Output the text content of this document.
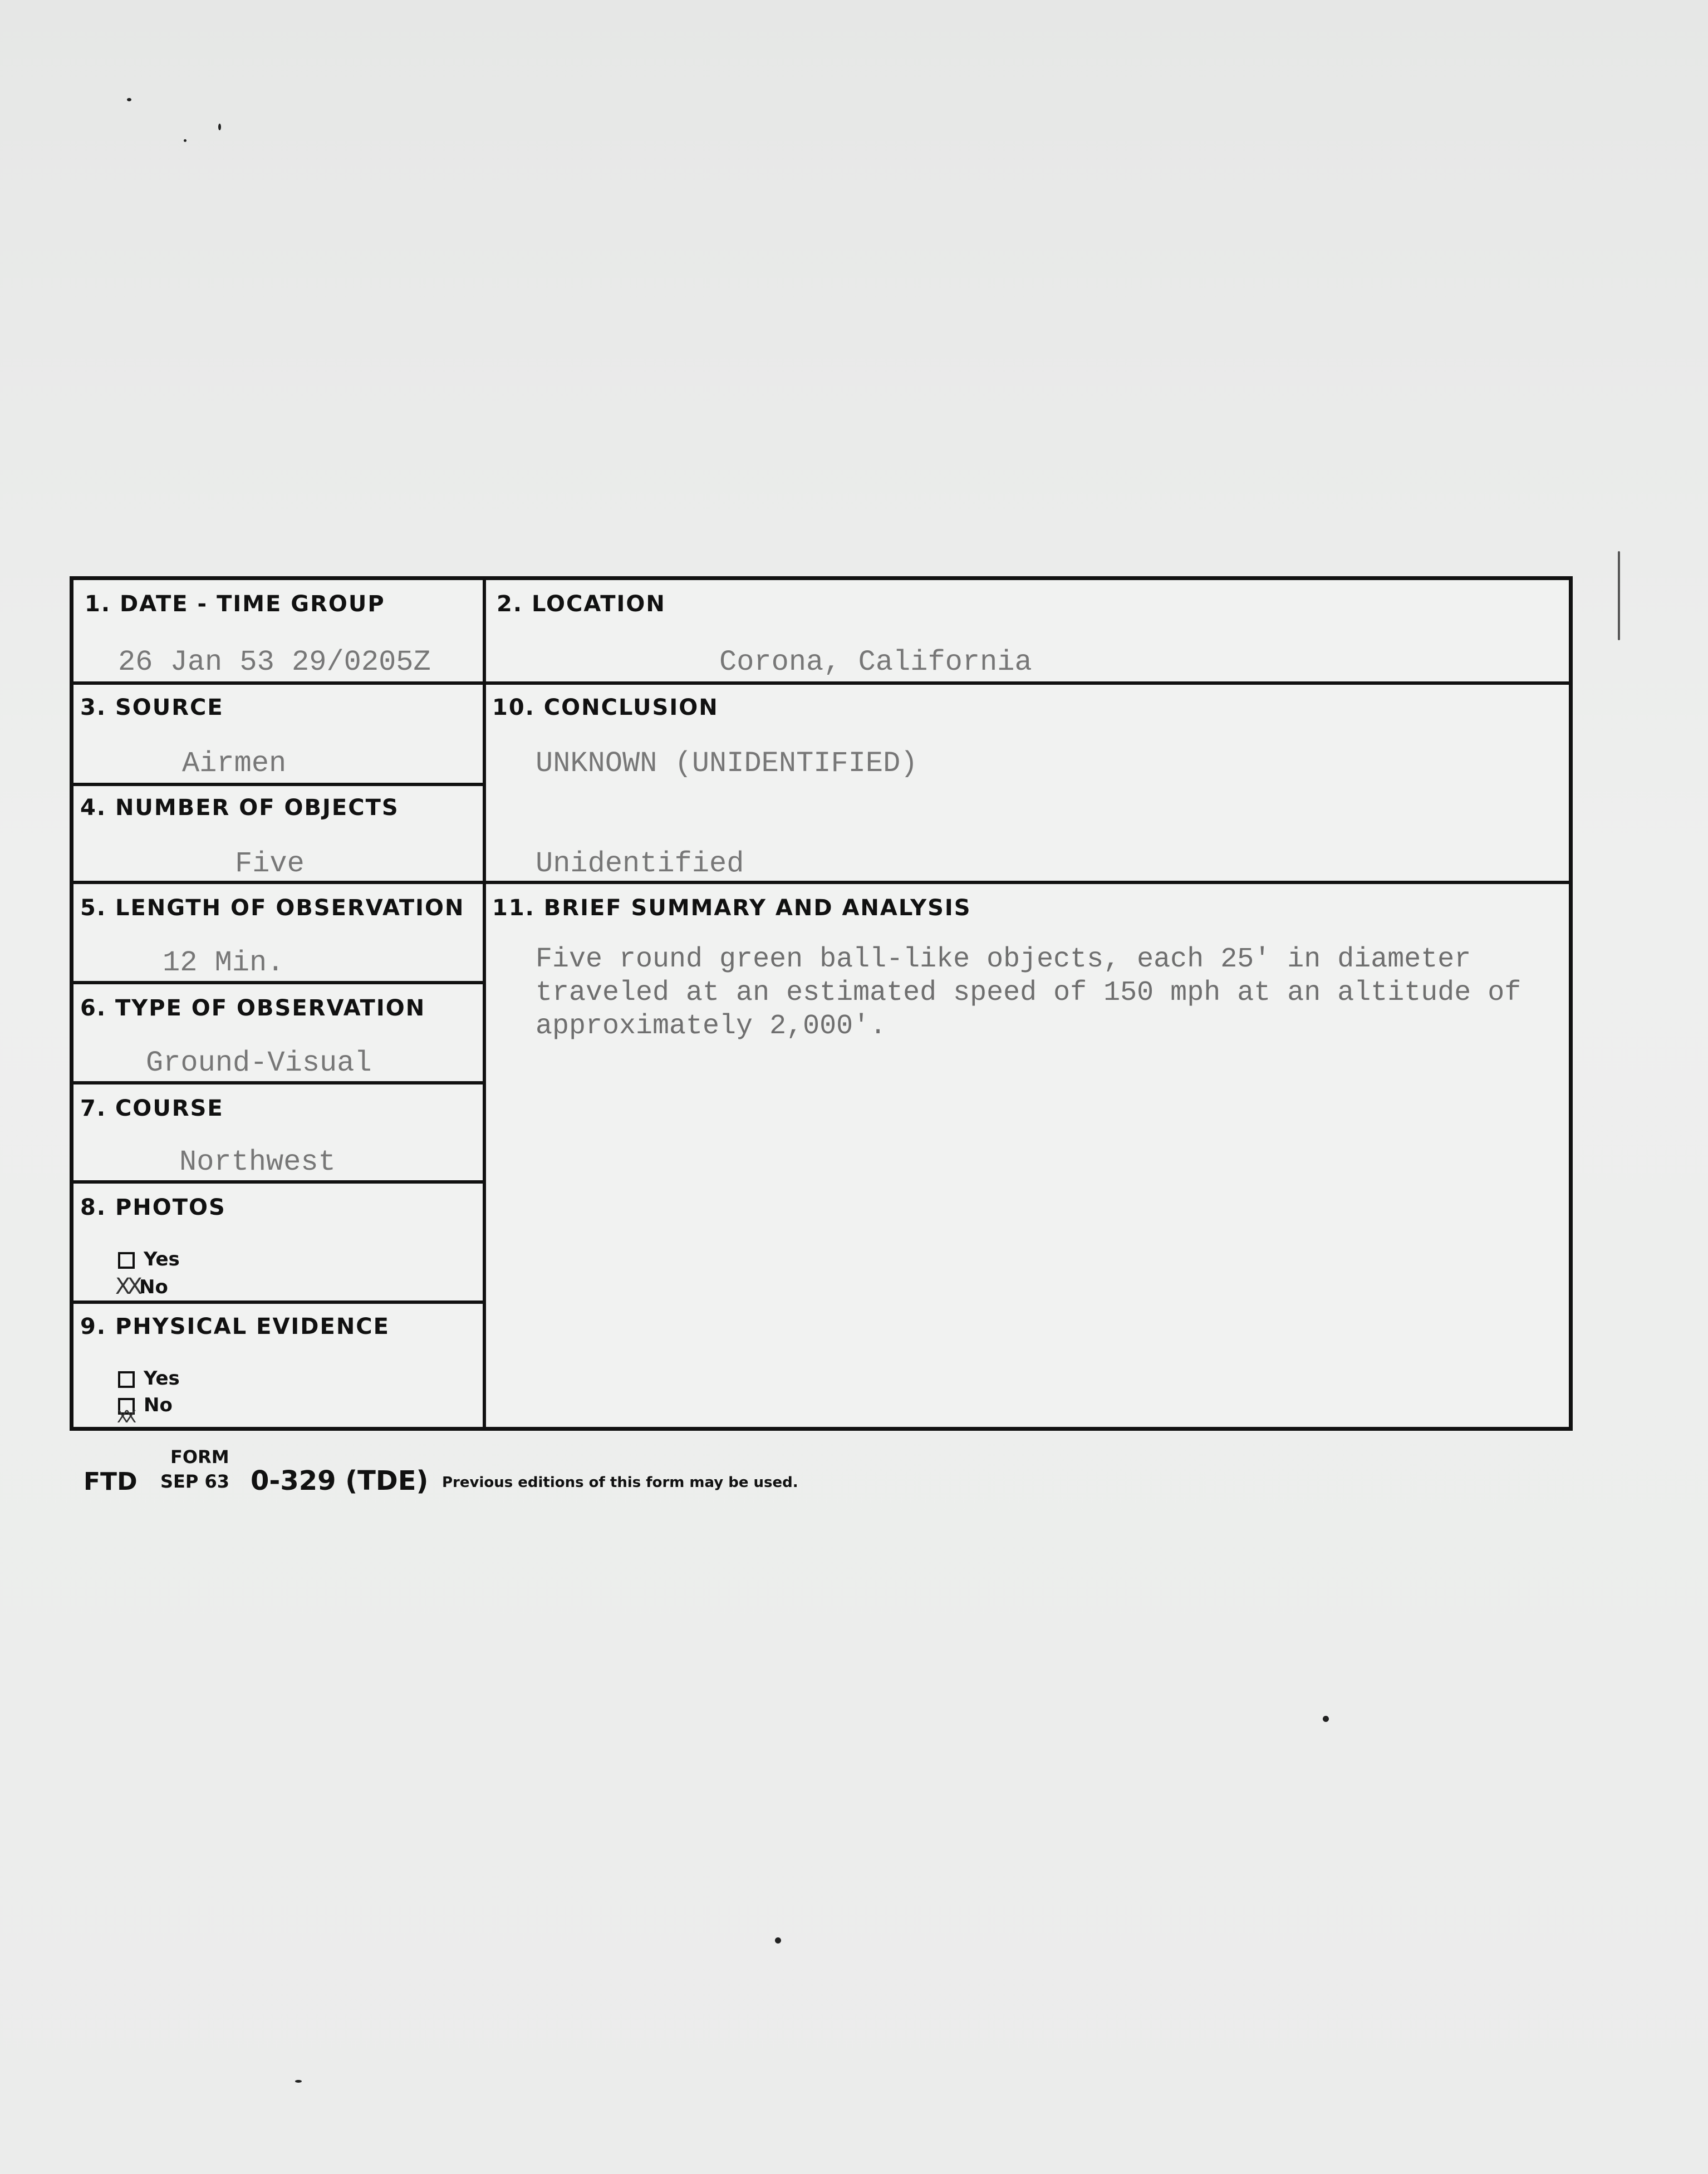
1. DATE - TIME GROUP
26 Jan 53 29/0205Z
2. LOCATION
Corona, California
3. SOURCE
Airmen
4. NUMBER OF OBJECTS
Five
10. CONCLUSION
UNKNOWN (UNIDENTIFIED)
Unidentified
5. LENGTH OF OBSERVATION
12 Min.
11. BRIEF SUMMARY AND ANALYSIS
Five round green ball-like objects, each 25' in diameter
traveled at an estimated speed of 150 mph at an altitude of
approximately 2,000'.
6. TYPE OF OBSERVATION
Ground-Visual
7. COURSE
Northwest
8. PHOTOS
Yes
No
XX
9. PHYSICAL EVIDENCE
Yes
No
XX
FORM
FTD SEP 63 0-329 (TDE) Previous editions of this form may be used.
